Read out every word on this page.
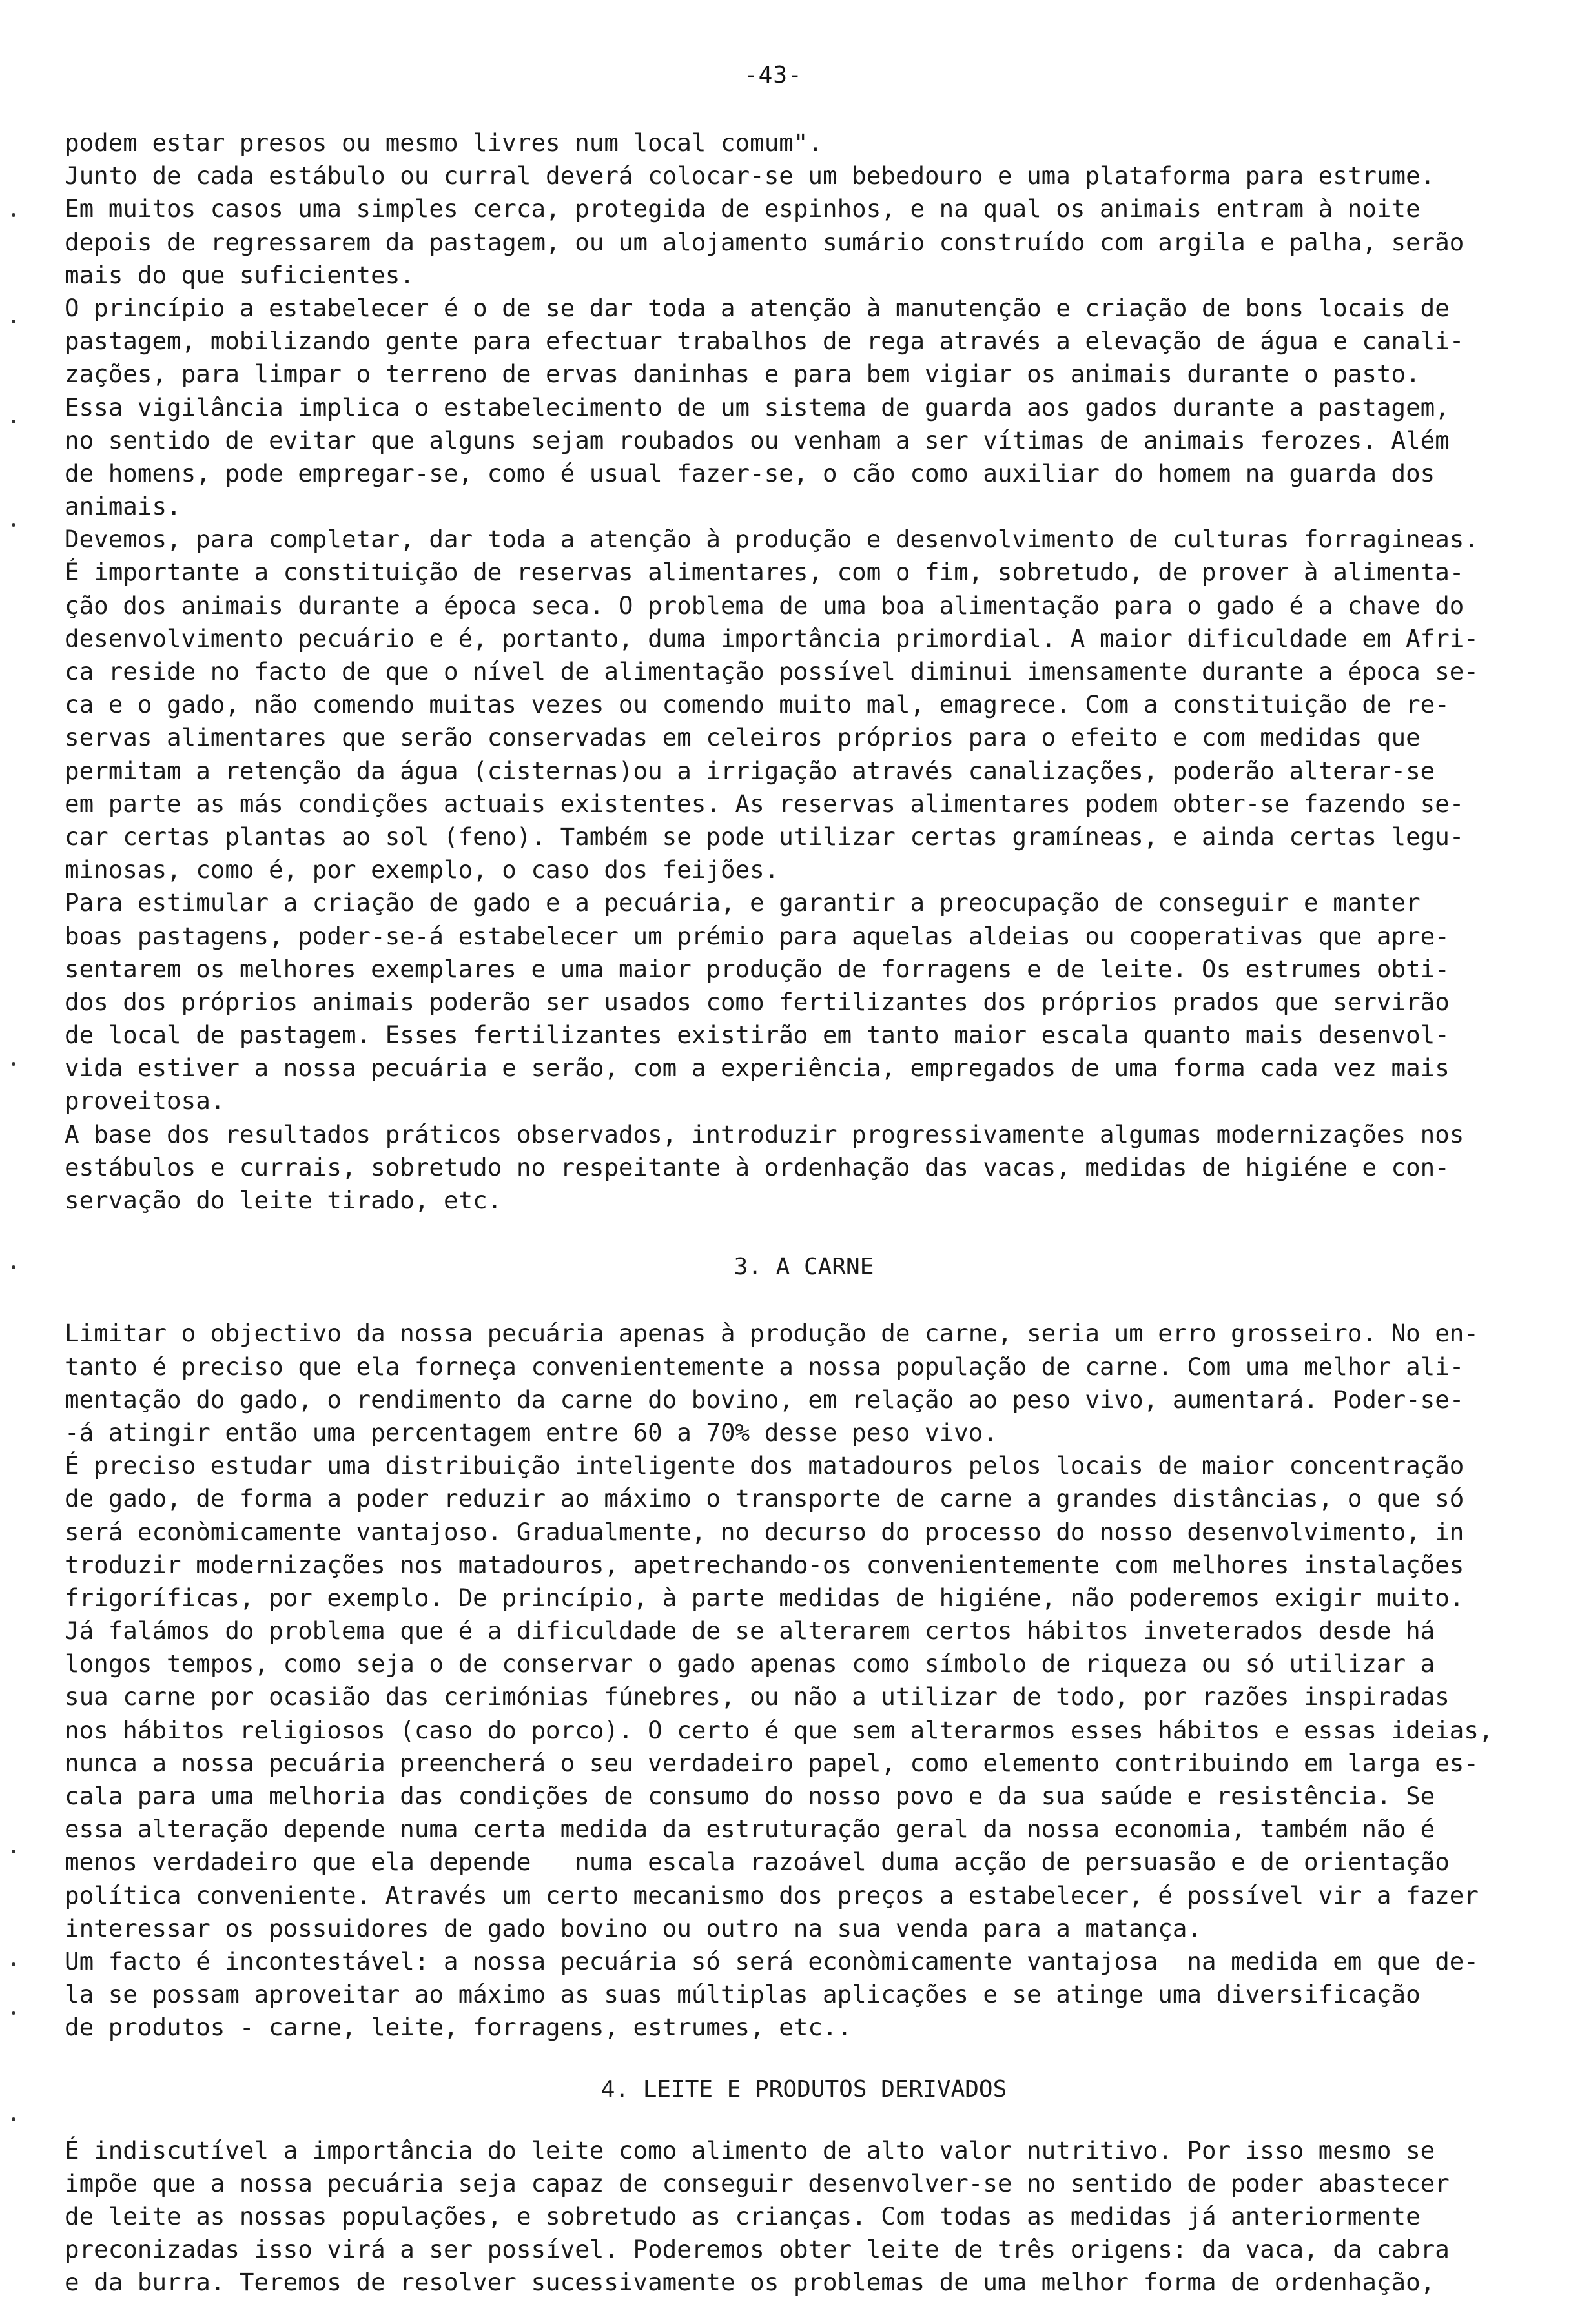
-43-
podem estar presos ou mesmo livres num local comum".
Junto de cada estábulo ou curral deverá colocar-se um bebedouro e uma plataforma para estrume.
Em muitos casos uma simples cerca, protegida de espinhos, e na qual os animais entram à noite
depois de regressarem da pastagem, ou um alojamento sumário construído com argila e palha, serão
mais do que suficientes.
O princípio a estabelecer é o de se dar toda a atenção à manutenção e criação de bons locais de
pastagem, mobilizando gente para efectuar trabalhos de rega através a elevação de água e canali-
zações, para limpar o terreno de ervas daninhas e para bem vigiar os animais durante o pasto.
Essa vigilância implica o estabelecimento de um sistema de guarda aos gados durante a pastagem,
no sentido de evitar que alguns sejam roubados ou venham a ser vítimas de animais ferozes. Além
de homens, pode empregar-se, como é usual fazer-se, o cão como auxiliar do homem na guarda dos
animais.
Devemos, para completar, dar toda a atenção à produção e desenvolvimento de culturas forragineas.
É importante a constituição de reservas alimentares, com o fim, sobretudo, de prover à alimenta-
ção dos animais durante a época seca. O problema de uma boa alimentação para o gado é a chave do
desenvolvimento pecuário e é, portanto, duma importância primordial. A maior dificuldade em Afri-
ca reside no facto de que o nível de alimentação possível diminui imensamente durante a época se-
ca e o gado, não comendo muitas vezes ou comendo muito mal, emagrece. Com a constituição de re-
servas alimentares que serão conservadas em celeiros próprios para o efeito e com medidas que
permitam a retenção da água (cisternas)ou a irrigação através canalizações, poderão alterar-se
em parte as más condições actuais existentes. As reservas alimentares podem obter-se fazendo se-
car certas plantas ao sol (feno). Também se pode utilizar certas gramíneas, e ainda certas legu-
minosas, como é, por exemplo, o caso dos feijões.
Para estimular a criação de gado e a pecuária, e garantir a preocupação de conseguir e manter
boas pastagens, poder-se-á estabelecer um prémio para aquelas aldeias ou cooperativas que apre-
sentarem os melhores exemplares e uma maior produção de forragens e de leite. Os estrumes obti-
dos dos próprios animais poderão ser usados como fertilizantes dos próprios prados que servirão
de local de pastagem. Esses fertilizantes existirão em tanto maior escala quanto mais desenvol-
vida estiver a nossa pecuária e serão, com a experiência, empregados de uma forma cada vez mais
proveitosa.
A base dos resultados práticos observados, introduzir progressivamente algumas modernizações nos
estábulos e currais, sobretudo no respeitante à ordenhação das vacas, medidas de higiéne e con-
servação do leite tirado, etc.
3. A CARNE
Limitar o objectivo da nossa pecuária apenas à produção de carne, seria um erro grosseiro. No en-
tanto é preciso que ela forneça convenientemente a nossa população de carne. Com uma melhor ali-
mentação do gado, o rendimento da carne do bovino, em relação ao peso vivo, aumentará. Poder-se-
-á atingir então uma percentagem entre 60 a 70% desse peso vivo.
É preciso estudar uma distribuição inteligente dos matadouros pelos locais de maior concentração
de gado, de forma a poder reduzir ao máximo o transporte de carne a grandes distâncias, o que só
será econòmicamente vantajoso. Gradualmente, no decurso do processo do nosso desenvolvimento, in
troduzir modernizações nos matadouros, apetrechando-os convenientemente com melhores instalações
frigoríficas, por exemplo. De princípio, à parte medidas de higiéne, não poderemos exigir muito.
Já falámos do problema que é a dificuldade de se alterarem certos hábitos inveterados desde há
longos tempos, como seja o de conservar o gado apenas como símbolo de riqueza ou só utilizar a
sua carne por ocasião das cerimónias fúnebres, ou não a utilizar de todo, por razões inspiradas
nos hábitos religiosos (caso do porco). O certo é que sem alterarmos esses hábitos e essas ideias,
nunca a nossa pecuária preencherá o seu verdadeiro papel, como elemento contribuindo em larga es-
cala para uma melhoria das condições de consumo do nosso povo e da sua saúde e resistência. Se
essa alteração depende numa certa medida da estruturação geral da nossa economia, também não é
menos verdadeiro que ela depende   numa escala razoável duma acção de persuasão e de orientação
política conveniente. Através um certo mecanismo dos preços a estabelecer, é possível vir a fazer
interessar os possuidores de gado bovino ou outro na sua venda para a matança.
Um facto é incontestável: a nossa pecuária só será econòmicamente vantajosa  na medida em que de-
la se possam aproveitar ao máximo as suas múltiplas aplicações e se atinge uma diversificação
de produtos - carne, leite, forragens, estrumes, etc..
4. LEITE E PRODUTOS DERIVADOS
É indiscutível a importância do leite como alimento de alto valor nutritivo. Por isso mesmo se
impõe que a nossa pecuária seja capaz de conseguir desenvolver-se no sentido de poder abastecer
de leite as nossas populações, e sobretudo as crianças. Com todas as medidas já anteriormente
preconizadas isso virá a ser possível. Poderemos obter leite de três origens: da vaca, da cabra
e da burra. Teremos de resolver sucessivamente os problemas de uma melhor forma de ordenhação,
